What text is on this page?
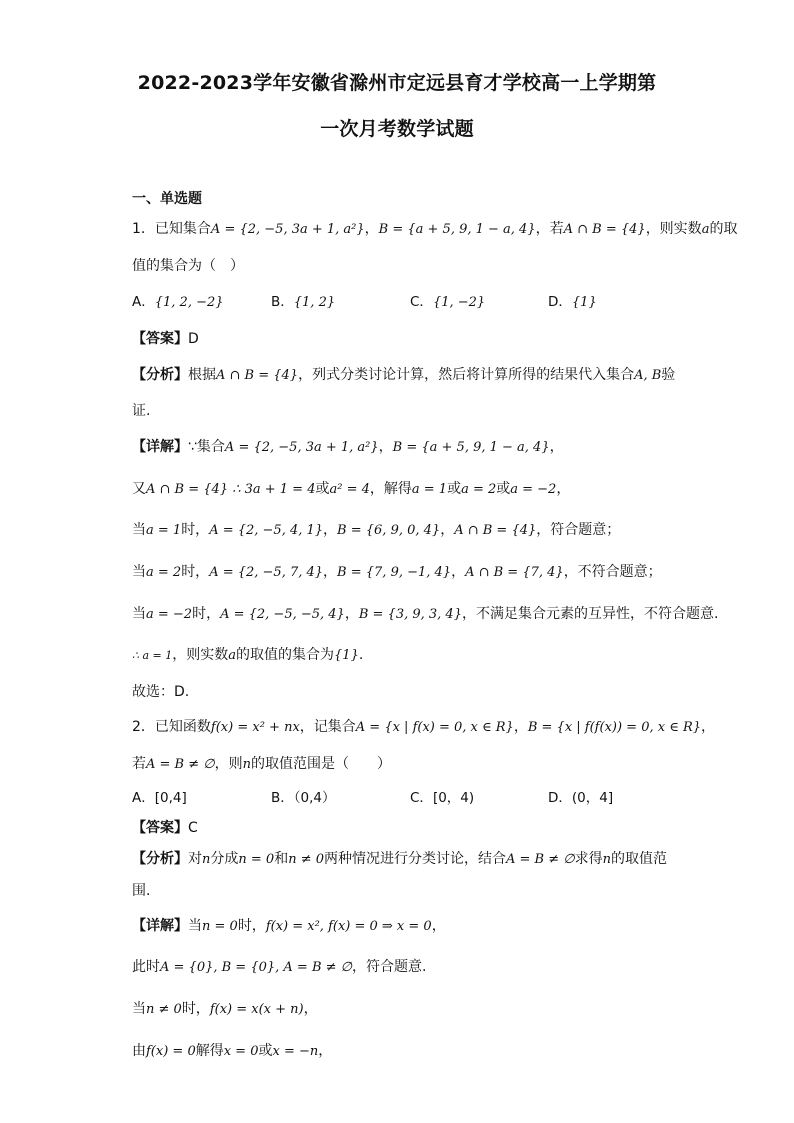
2022-2023学年安徽省滁州市定远县育才学校高一上学期第
一次月考数学试题
一、单选题
1．已知集合A = {2, −5, 3a + 1, a²}，B = {a + 5, 9, 1 − a, 4}，若A ∩ B = {4}，则实数a的取
值的集合为（　）
A．{1, 2, −2}	B．{1, 2}	C．{1, −2}	D．{1}
【答案】D
【分析】根据A ∩ B = {4}，列式分类讨论计算，然后将计算所得的结果代入集合A, B验
证.
【详解】∵集合A = {2, −5, 3a + 1, a²}，B = {a + 5, 9, 1 − a, 4}，
又A ∩ B = {4} ∴ 3a + 1 = 4或a² = 4，解得a = 1或a = 2或a = −2，
当a = 1时，A = {2, −5, 4, 1}，B = {6, 9, 0, 4}，A ∩ B = {4}，符合题意；
当a = 2时，A = {2, −5, 7, 4}，B = {7, 9, −1, 4}，A ∩ B = {7, 4}，不符合题意；
当a = −2时，A = {2, −5, −5, 4}，B = {3, 9, 3, 4}，不满足集合元素的互异性，不符合题意.
∴ a = 1，则实数a的取值的集合为{1}.
故选：D.
2．已知函数f(x) = x² + nx，记集合A = {x | f(x) = 0, x ∈ R}，B = {x | f(f(x)) = 0, x ∈ R}，
若A = B ≠ ∅，则n的取值范围是（　　）
A．[0,4]	B．（0,4）	C．[0，4)	D．(0，4]
【答案】C
【分析】对n分成n = 0和n ≠ 0两种情况进行分类讨论，结合A = B ≠ ∅求得n的取值范
围.
【详解】当n = 0时，f(x) = x², f(x) = 0 ⇒ x = 0，
此时A = {0}, B = {0}, A = B ≠ ∅，符合题意.
当n ≠ 0时，f(x) = x(x + n)，
由f(x) = 0解得x = 0或x = −n，
